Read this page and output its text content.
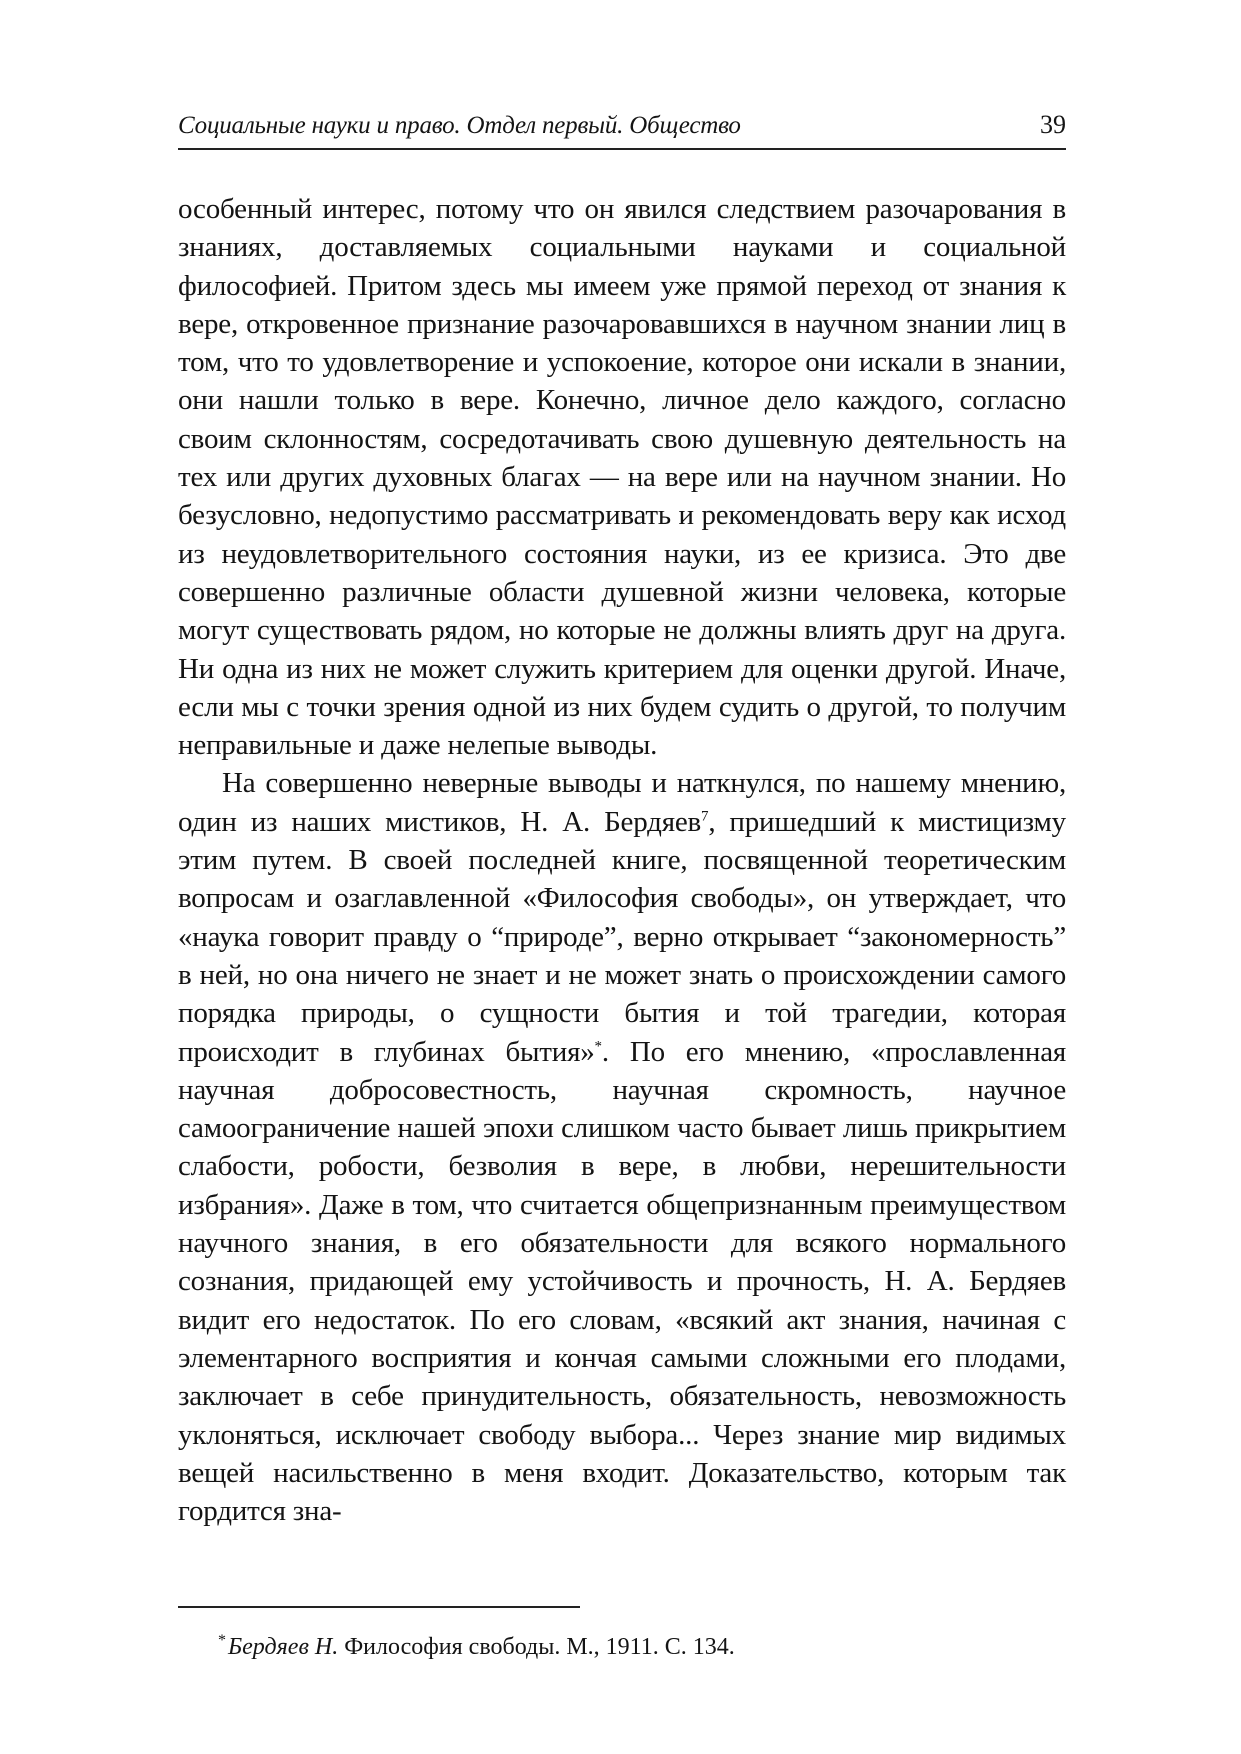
Социальные науки и право. Отдел первый. Общество	39

особенный интерес, потому что он явился следствием разочарования в знаниях, доставляемых социальными науками и социальной философией. Притом здесь мы имеем уже прямой переход от знания к вере, откровенное признание разочаровавшихся в научном знании лиц в том, что то удовлетворение и успокоение, которое они искали в знании, они нашли только в вере. Конечно, личное дело каждого, согласно своим склонностям, сосредотачивать свою душевную деятельность на тех или других духовных благах — на вере или на научном знании. Но безусловно, недопустимо рассматривать и рекомендовать веру как исход из неудовлетворительного состояния науки, из ее кризиса. Это две совершенно различные области душевной жизни человека, которые могут существовать рядом, но которые не должны влиять друг на друга. Ни одна из них не может служить критерием для оценки другой. Иначе, если мы с точки зрения одной из них будем судить о другой, то получим неправильные и даже нелепые выводы.

На совершенно неверные выводы и наткнулся, по нашему мнению, один из наших мистиков, Н. А. Бердяев$^7$, пришедший к мистицизму этим путем. В своей последней книге, посвященной теоретическим вопросам и озаглавленной «Философия свободы», он утверждает, что «наука говорит правду о “природе”, верно открывает “закономерность” в ней, но она ничего не знает и не может знать о происхождении самого порядка природы, о сущности бытия и той трагедии, которая происходит в глубинах бытия»*. По его мнению, «прославленная научная добросовестность, научная скромность, научное самоограничение нашей эпохи слишком часто бывает лишь прикрытием слабости, робости, безволия в вере, в любви, нерешительности избрания». Даже в том, что считается общепризнанным преимуществом научного знания, в его обязательности для всякого нормального сознания, придающей ему устойчивость и прочность, Н. А. Бердяев видит его недостаток. По его словам, «всякий акт знания, начиная с элементарного восприятия и кончая самыми сложными его плодами, заключает в себе принудительность, обязательность, невозможность уклоняться, исключает свободу выбора... Через знание мир видимых вещей насильственно в меня входит. Доказательство, которым так гордится зна-

*Бердяев Н. Философия свободы. М., 1911. С. 134.
